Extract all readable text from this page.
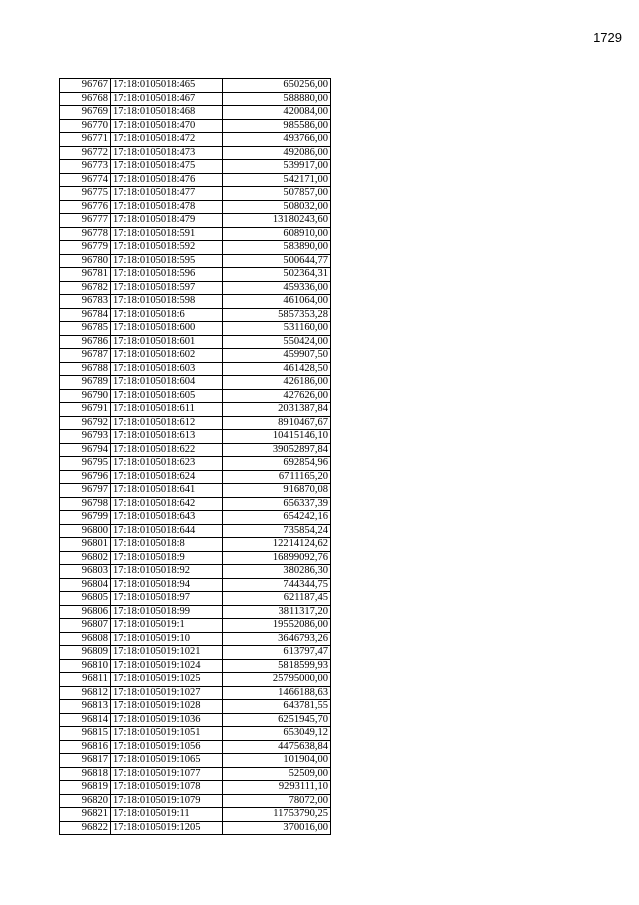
1729
96767	17:18:0105018:465	650256,00
96768	17:18:0105018:467	588880,00
96769	17:18:0105018:468	420084,00
96770	17:18:0105018:470	985586,00
96771	17:18:0105018:472	493766,00
96772	17:18:0105018:473	492086,00
96773	17:18:0105018:475	539917,00
96774	17:18:0105018:476	542171,00
96775	17:18:0105018:477	507857,00
96776	17:18:0105018:478	508032,00
96777	17:18:0105018:479	13180243,60
96778	17:18:0105018:591	608910,00
96779	17:18:0105018:592	583890,00
96780	17:18:0105018:595	500644,77
96781	17:18:0105018:596	502364,31
96782	17:18:0105018:597	459336,00
96783	17:18:0105018:598	461064,00
96784	17:18:0105018:6	5857353,28
96785	17:18:0105018:600	531160,00
96786	17:18:0105018:601	550424,00
96787	17:18:0105018:602	459907,50
96788	17:18:0105018:603	461428,50
96789	17:18:0105018:604	426186,00
96790	17:18:0105018:605	427626,00
96791	17:18:0105018:611	2031387,84
96792	17:18:0105018:612	8910467,67
96793	17:18:0105018:613	10415146,10
96794	17:18:0105018:622	39052897,84
96795	17:18:0105018:623	692854,96
96796	17:18:0105018:624	6711165,20
96797	17:18:0105018:641	916870,08
96798	17:18:0105018:642	656337,39
96799	17:18:0105018:643	654242,16
96800	17:18:0105018:644	735854,24
96801	17:18:0105018:8	12214124,62
96802	17:18:0105018:9	16899092,76
96803	17:18:0105018:92	380286,30
96804	17:18:0105018:94	744344,75
96805	17:18:0105018:97	621187,45
96806	17:18:0105018:99	3811317,20
96807	17:18:0105019:1	19552086,00
96808	17:18:0105019:10	3646793,26
96809	17:18:0105019:1021	613797,47
96810	17:18:0105019:1024	5818599,93
96811	17:18:0105019:1025	25795000,00
96812	17:18:0105019:1027	1466188,63
96813	17:18:0105019:1028	643781,55
96814	17:18:0105019:1036	6251945,70
96815	17:18:0105019:1051	653049,12
96816	17:18:0105019:1056	4475638,84
96817	17:18:0105019:1065	101904,00
96818	17:18:0105019:1077	52509,00
96819	17:18:0105019:1078	9293111,10
96820	17:18:0105019:1079	78072,00
96821	17:18:0105019:11	11753790,25
96822	17:18:0105019:1205	370016,00
